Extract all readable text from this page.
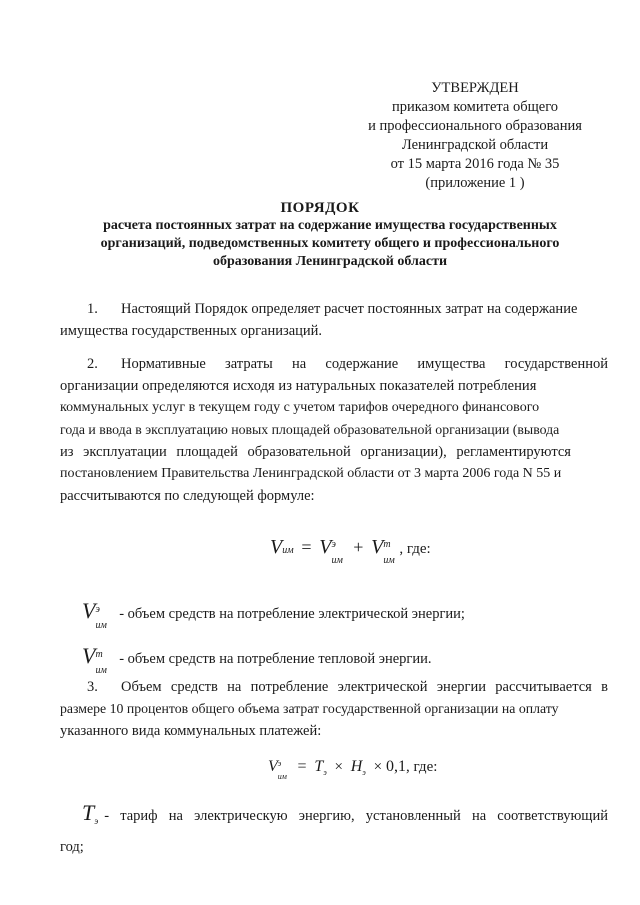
УТВЕРЖДЕН
приказом комитета общего
и профессионального образования
Ленинградской области
от 15 марта 2016 года № 35
(приложение 1 )
ПОРЯДОК
расчета постоянных затрат на содержание имущества государственных
организаций, подведомственных комитету общего и профессионального
образования Ленинградской области
1. Настоящий Порядок определяет расчет постоянных затрат на содержание
имущества государственных организаций.
2. Нормативные затраты на содержание имущества государственной
организации определяются исходя из натуральных показателей потребления
коммунальных услуг в текущем году с учетом тарифов очередного финансового
года и ввода в эксплуатацию новых площадей образовательной организации (вывода
из эксплуатации площадей образовательной организации), регламентируются
постановлением Правительства Ленинградской области от 3 марта 2006 года N 55 и
рассчитываются по следующей формуле:
Vим = V э
им
+ V т
им
, где:
V э
им
- объем средств на потребление электрической энергии;
V т
им
- объем средств на потребление тепловой энергии.
3. Объем средств на потребление электрической энергии рассчитывается в
размере 10 процентов общего объема затрат государственной организации на оплату
указанного вида коммунальных платежей:
V э
им
= $T_э \times H_э \times 0,1$, где:
$T_э$ - тариф на электрическую энергию, установленный на соответствующий
год;
